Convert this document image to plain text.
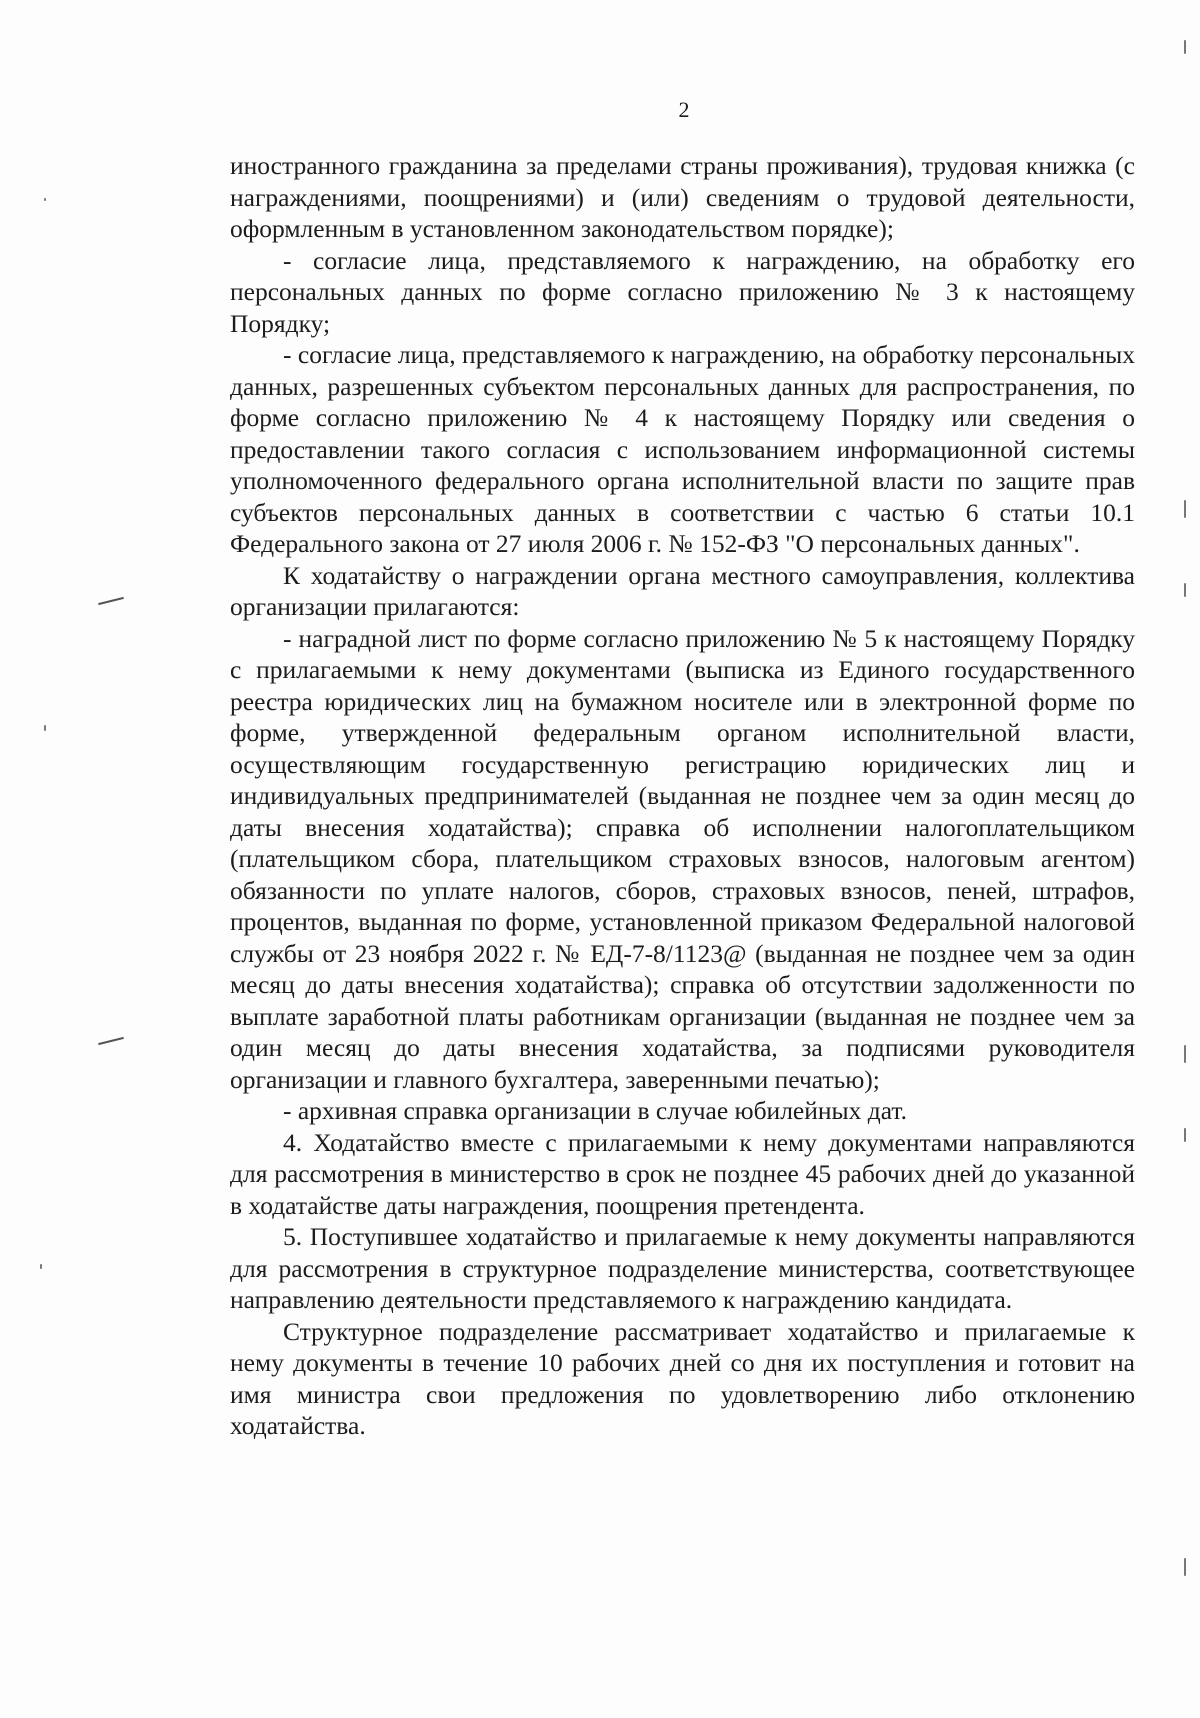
2

иностранного гражданина за пределами страны проживания), трудовая книжка (с награждениями, поощрениями) и (или) сведениям о трудовой деятельности, оформленным в установленном законодательством порядке);

- согласие лица, представляемого к награждению, на обработку его персональных данных по форме согласно приложению № 3 к настоящему Порядку;

- согласие лица, представляемого к награждению, на обработку персональных данных, разрешенных субъектом персональных данных для распространения, по форме согласно приложению № 4 к настоящему Порядку или сведения о предоставлении такого согласия с использованием информационной системы уполномоченного федерального органа исполнительной власти по защите прав субъектов персональных данных в соответствии с частью 6 статьи 10.1 Федерального закона от 27 июля 2006 г. № 152-ФЗ "О персональных данных".

К ходатайству о награждении органа местного самоуправления, коллектива организации прилагаются:

- наградной лист по форме согласно приложению № 5 к настоящему Порядку с прилагаемыми к нему документами (выписка из Единого государственного реестра юридических лиц на бумажном носителе или в электронной форме по форме, утвержденной федеральным органом исполнительной власти, осуществляющим государственную регистрацию юридических лиц и индивидуальных предпринимателей (выданная не позднее чем за один месяц до даты внесения ходатайства); справка об исполнении налогоплательщиком (плательщиком сбора, плательщиком страховых взносов, налоговым агентом) обязанности по уплате налогов, сборов, страховых взносов, пеней, штрафов, процентов, выданная по форме, установленной приказом Федеральной налоговой службы от 23 ноября 2022 г. № ЕД-7-8/1123@ (выданная не позднее чем за один месяц до даты внесения ходатайства); справка об отсутствии задолженности по выплате заработной платы работникам организации (выданная не позднее чем за один месяц до даты внесения ходатайства, за подписями руководителя организации и главного бухгалтера, заверенными печатью);

- архивная справка организации в случае юбилейных дат.

4. Ходатайство вместе с прилагаемыми к нему документами направляются для рассмотрения в министерство в срок не позднее 45 рабочих дней до указанной в ходатайстве даты награждения, поощрения претендента.

5. Поступившее ходатайство и прилагаемые к нему документы направляются для рассмотрения в структурное подразделение министерства, соответствующее направлению деятельности представляемого к награждению кандидата.

Структурное подразделение рассматривает ходатайство и прилагаемые к нему документы в течение 10 рабочих дней со дня их поступления и готовит на имя министра свои предложения по удовлетворению либо отклонению ходатайства.
